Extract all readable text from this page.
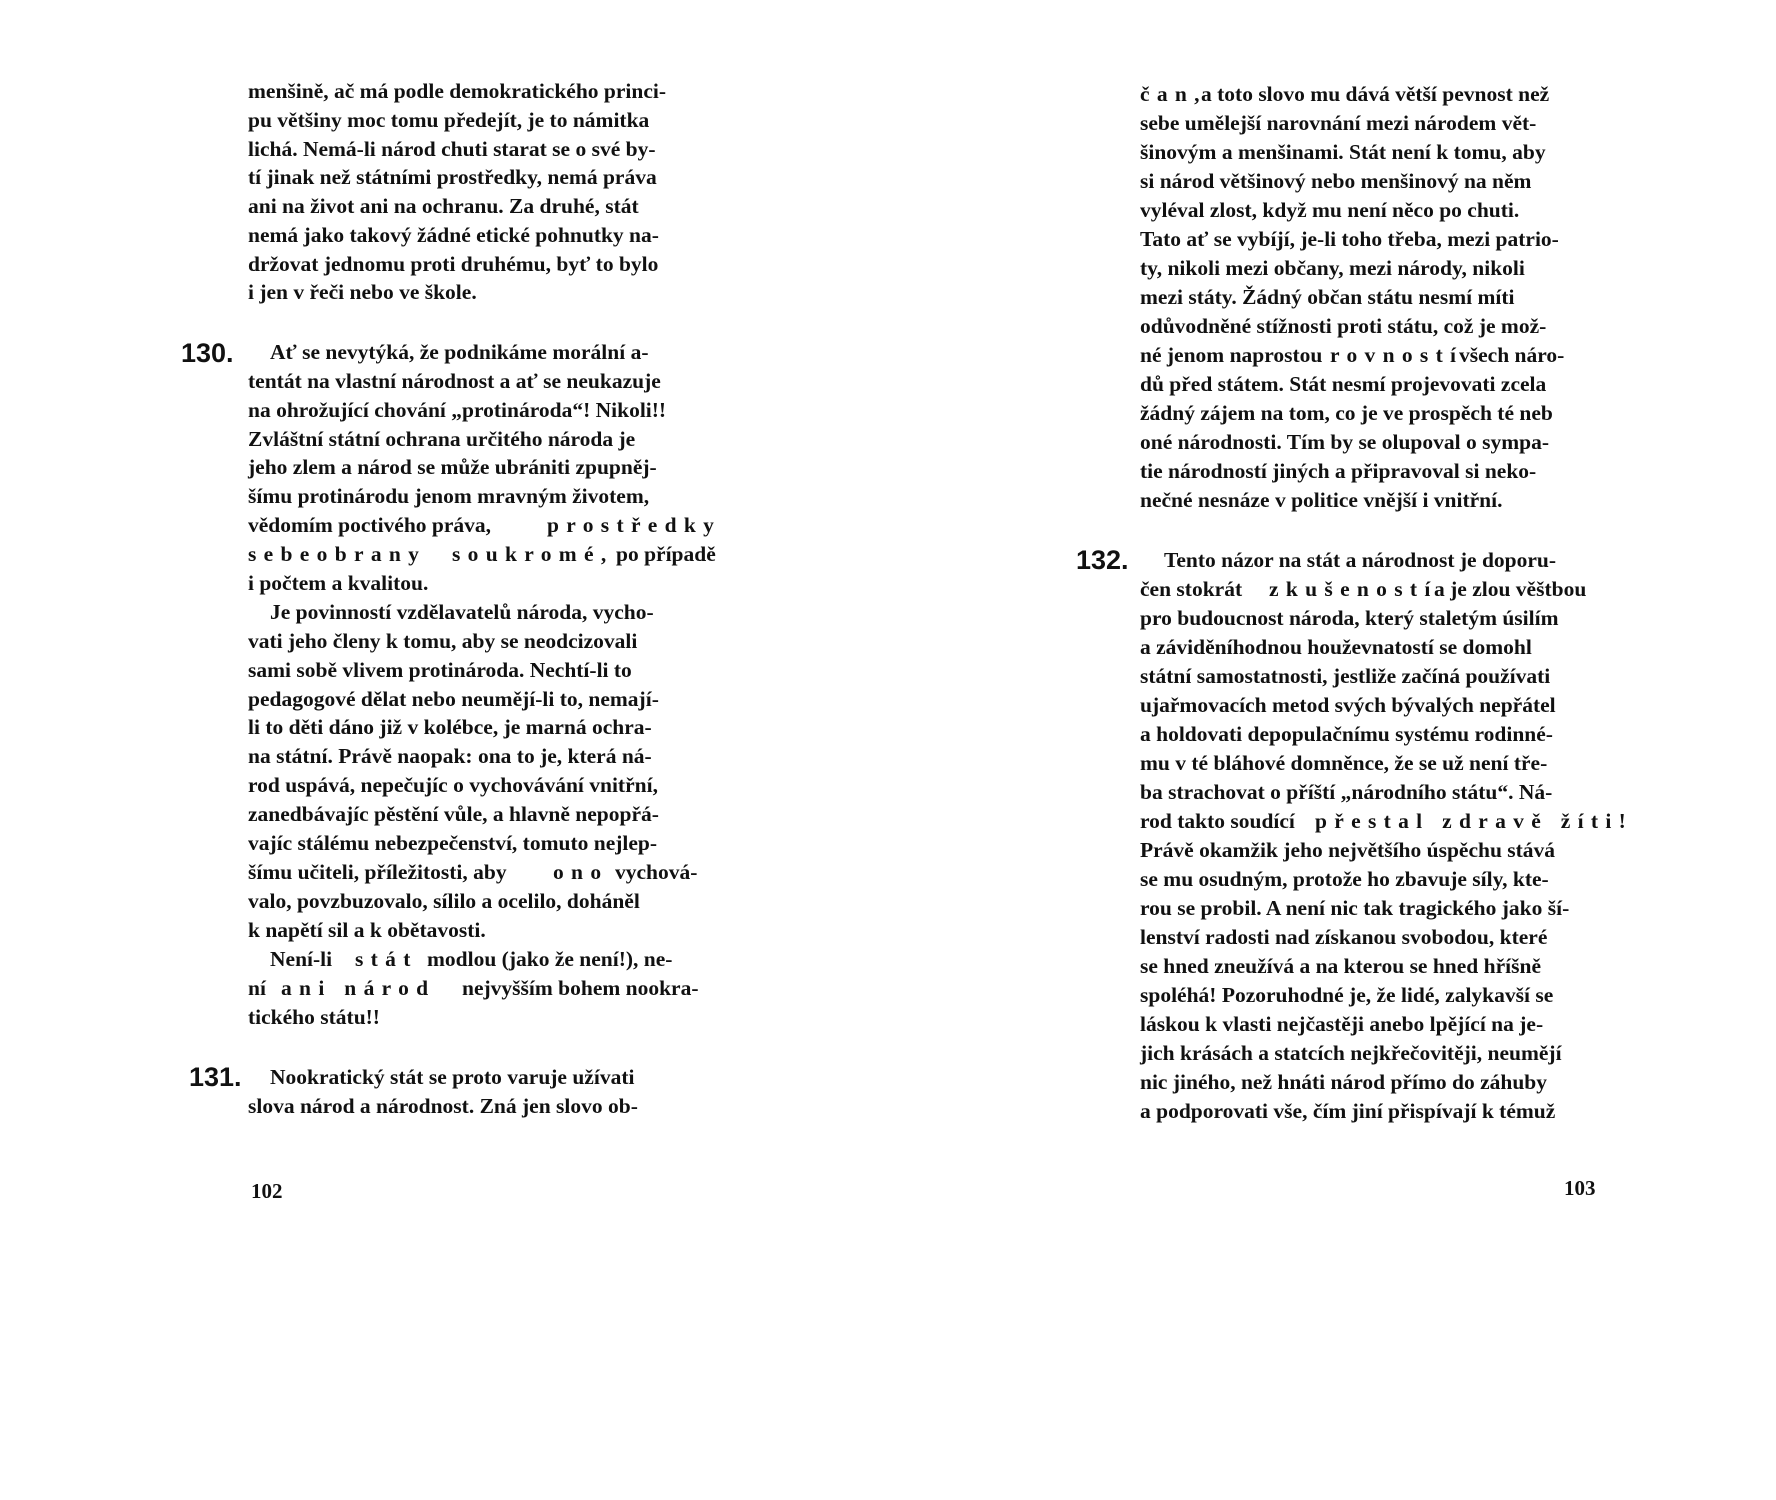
menšině, ač má podle demokratického princi-
pu většiny moc tomu předejít, je to námitka
lichá. Nemá-li národ chuti starat se o své by-
tí jinak než státními prostředky, nemá práva
ani na život ani na ochranu. Za druhé, stát
nemá jako takový žádné etické pohnutky na-
držovat jednomu proti druhému, byť to bylo
i jen v řeči nebo ve škole.
130. Ať se nevytýká, že podnikáme morální a-
tentát na vlastní národnost a ať se neukazuje
na ohrožující chování „protinároda“! Nikoli!!
Zvláštní státní ochrana určitého národa je
jeho zlem a národ se může ubrániti zpupněj-
šímu protinárodu jenom mravným životem,
vědomím poctivého práva,	prostředky
sebeobrany soukromé, po případě
i počtem a kvalitou.
Je povinností vzdělavatelů národa, vycho-
vati jeho členy k tomu, aby se neodcizovali
sami sobě vlivem protinároda. Nechtí-li to
pedagogové dělat nebo neumějí-li to, nemají-
li to děti dáno již v kolébce, je marná ochra-
na státní. Právě naopak: ona to je, která ná-
rod uspává, nepečujíc o vychovávání vnitřní,
zanedbávajíc pěstění vůle, a hlavně nepopřá-
vajíc stálému nebezpečenství, tomuto nejlep-
šímu učiteli, příležitosti, aby ono vychová-
valo, povzbuzovalo, sílilo a ocelilo, doháněl
k napětí sil a k obětavosti.
Není-li stát modlou (jako že není!), ne-
ní ani národ nejvyšším bohem nookra-
tického státu!!
131. Nookratický stát se proto varuje užívati
slova národ a národnost. Zná jen slovo ob-
102
čan,
a toto slovo mu dává větší pevnost než
sebe umělejší narovnání mezi národem vět-
šinovým a menšinami. Stát není k tomu, aby
si národ většinový nebo menšinový na něm
vyléval zlost, když mu není něco po chuti.
Tato ať se vybíjí, je-li toho třeba, mezi patrio-
ty, nikoli mezi občany, mezi národy, nikoli
mezi státy. Žádný občan státu nesmí míti
odůvodněné stížnosti proti státu, což je mož-
né jenom naprostou rovností
všech náro-
dů před státem. Stát nesmí projevovati zcela
žádný zájem na tom, co je ve prospěch té neb
oné národnosti. Tím by se olupoval o sympa-
tie národností jiných a připravoval si neko-
nečné nesnáze v politice vnější i vnitřní.
132. Tento názor na stát a národnost je doporu-
čen stokrát zkušeností
a je zlou věštbou
pro budoucnost národa, který staletým úsilím
a záviděníhodnou houževnatostí se domohl
státní samostatnosti, jestliže začíná používati
ujařmovacích metod svých bývalých nepřátel
a holdovati depopulačnímu systému rodinné-
mu v té bláhové domněnce, že se už není tře-
ba strachovat o příští „národního státu“. Ná-
rod takto soudící přestal zdravě žíti!
Právě okamžik jeho největšího úspěchu stává
se mu osudným, protože ho zbavuje síly, kte-
rou se probil. A není nic tak tragického jako ší-
lenství radosti nad získanou svobodou, které
se hned zneužívá a na kterou se hned hříšně
spoléhá! Pozoruhodné je, že lidé, zalykavší se
láskou k vlasti nejčastěji anebo lpějící na je-
jich krásách a statcích nejkřečovitěji, neumějí
nic jiného, než hnáti národ přímo do záhuby
a podporovati vše, čím jiní přispívají k témuž
103
